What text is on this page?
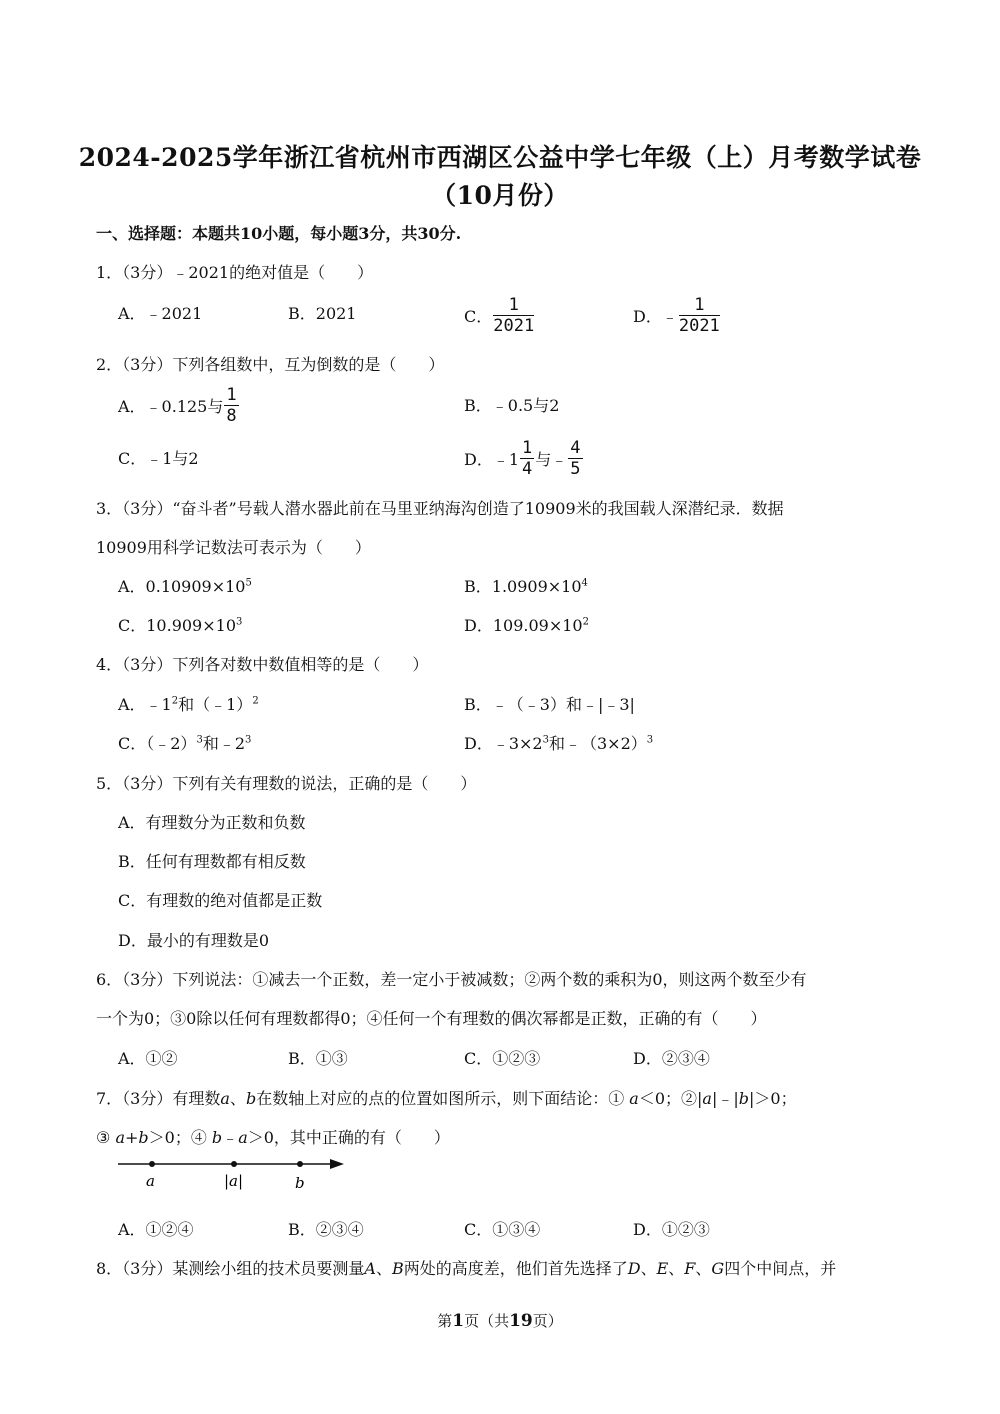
2024-2025学年浙江省杭州市西湖区公益中学七年级（上）月考数学试卷
（10月份）
一、选择题：本题共10小题，每小题3分，共30分.
1．（3分）﹣2021的绝对值是（　　）
A．﹣2021	B．2021	C． $\frac{1}{2021}$	D．﹣ $\frac{1}{2021}$
2．（3分）下列各组数中，互为倒数的是（　　）
A．﹣0.125与 $\frac{1}{8}$	B．﹣0.5与2
C．﹣1与2	D．﹣1 $\frac{1}{4}$ 与﹣ $\frac{4}{5}$
3．（3分）“奋斗者”号载人潜水器此前在马里亚纳海沟创造了10909米的我国载人深潜纪录．数据
10909用科学记数法可表示为（　　）
A．$0.10909\times 10^5$	B．$1.0909\times 10^4$
C．$10.909\times 10^3$	D．$109.09\times 10^2$
4．（3分）下列各对数中数值相等的是（　　）
A．$﹣1^2$和（﹣1）$^2$	B．﹣（﹣3）和﹣|﹣3|
C．（﹣2）$^3$和$﹣2^3$	D．$﹣3\times 2^3$和$﹣(3\times 2)^3$
5．（3分）下列有关有理数的说法，正确的是（　　）
A．有理数分为正数和负数
B．任何有理数都有相反数
C．有理数的绝对值都是正数
D．最小的有理数是0
6．（3分）下列说法：①减去一个正数，差一定小于被减数；②两个数的乘积为0，则这两个数至少有
一个为0；③0除以任何有理数都得0；④任何一个有理数的偶次幂都是正数，正确的有（　　）
A．①②	B．①③	C．①②③	D．②③④
7．（3分）有理数a、b在数轴上对应的点的位置如图所示，则下面结论：① a＜0；②|a|﹣|b|＞0；
③ a+b＞0；④ b﹣a＞0，其中正确的有（　　）
a	|a|	b
A．①②④	B．②③④	C．①③④	D．①②③
8．（3分）某测绘小组的技术员要测量A、B两处的高度差，他们首先选择了D、E、F、G四个中间点，并
第1页（共19页）
